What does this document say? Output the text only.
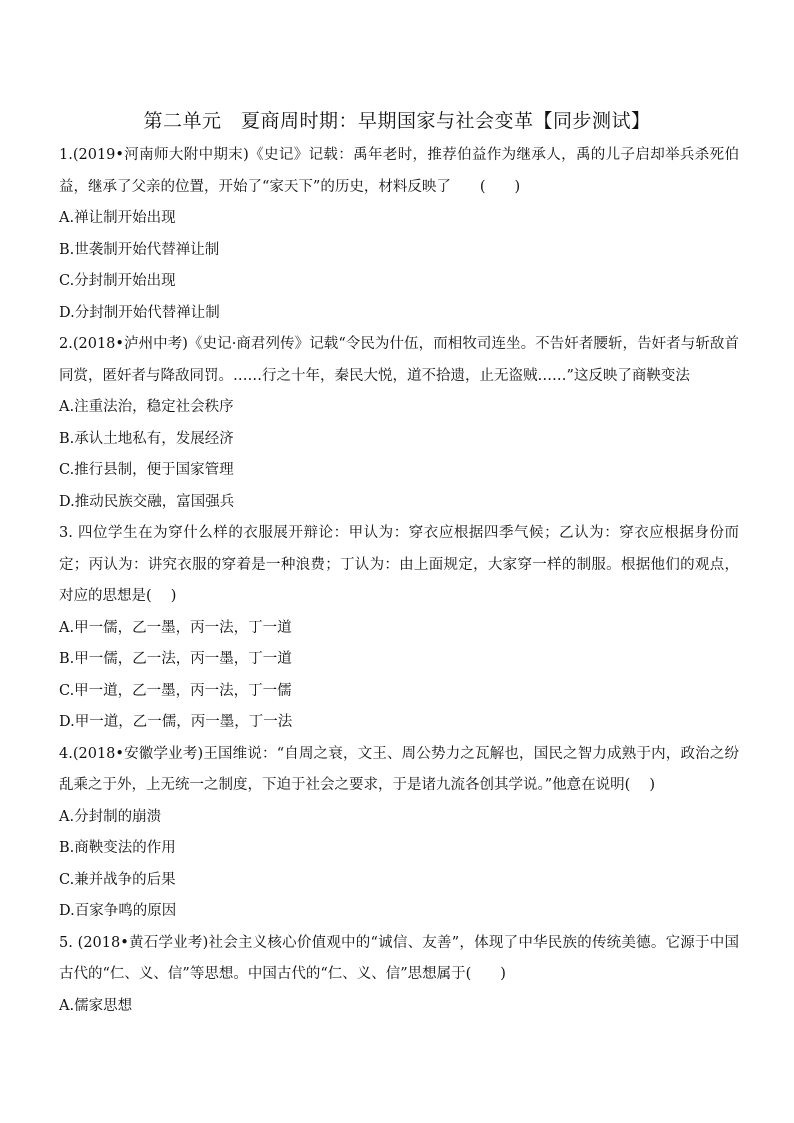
第二单元　夏商周时期：早期国家与社会变革【同步测试】

1.(2019•河南师大附中期末)《史记》记载：禹年老时，推荐伯益作为继承人，禹的儿子启却举兵杀死伯益，继承了父亲的位置，开始了“家天下”的历史，材料反映了　　(　　)

A.禅让制开始出现

B.世袭制开始代替禅让制

C.分封制开始出现

D.分封制开始代替禅让制

2.(2018•泸州中考)《史记·商君列传》记载“令民为什伍，而相牧司连坐。不告奸者腰斩，告奸者与斩敌首同赏，匿奸者与降敌同罚。……行之十年，秦民大悦，道不拾遗，止无盗贼……”这反映了商鞅变法

A.注重法治，稳定社会秩序

B.承认土地私有，发展经济

C.推行县制，便于国家管理

D.推动民族交融，富国强兵

3. 四位学生在为穿什么样的衣服展开辩论：甲认为：穿衣应根据四季气候；乙认为：穿衣应根据身份而定；丙认为：讲究衣服的穿着是一种浪费；丁认为：由上面规定，大家穿一样的制服。根据他们的观点，对应的思想是(　 )

A.甲一儒，乙一墨，丙一法，丁一道

B.甲一儒，乙一法，丙一墨，丁一道

C.甲一道，乙一墨，丙一法，丁一儒

D.甲一道，乙一儒，丙一墨，丁一法

4.(2018•安徽学业考)王国维说：“自周之衰，文王、周公势力之瓦解也，国民之智力成熟于内，政治之纷乱乘之于外，上无统一之制度，下迫于社会之要求，于是诸九流各创其学说。”他意在说明(　 )

A.分封制的崩溃

B.商鞅变法的作用

C.兼并战争的后果

D.百家争鸣的原因

5. (2018•黄石学业考)社会主义核心价值观中的“诚信、友善”，体现了中华民族的传统美德。它源于中国古代的“仁、义、信”等思想。中国古代的“仁、义、信”思想属于(　　)

A.儒家思想
